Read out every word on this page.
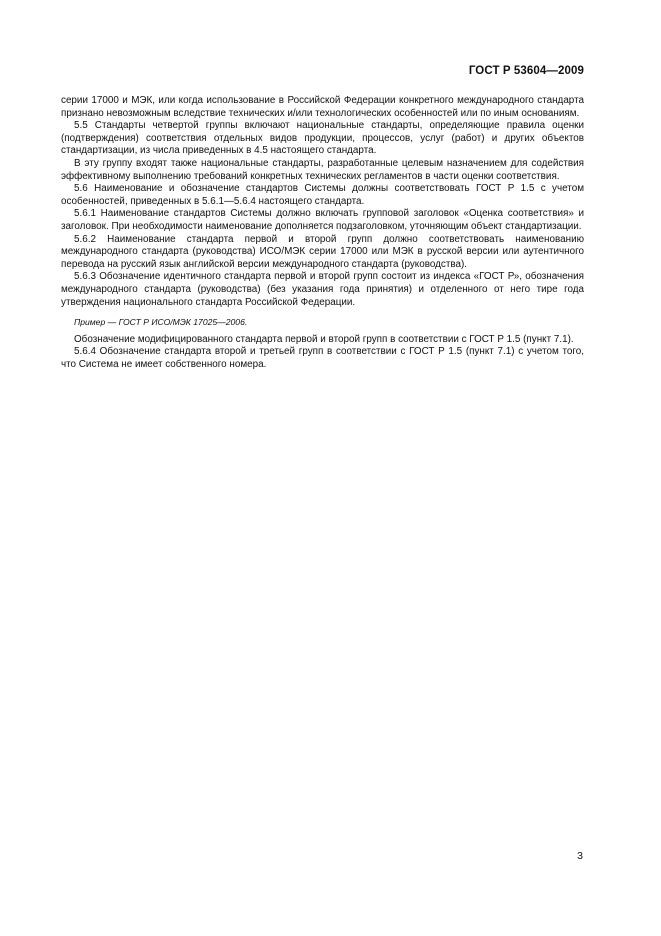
ГОСТ Р 53604—2009

серии 17000 и МЭК, или когда использование в Российской Федерации конкретного международного стандарта признано невозможным вследствие технических и/или технологических особенностей или по иным основаниям.

5.5 Стандарты четвертой группы включают национальные стандарты, определяющие правила оценки (подтверждения) соответствия отдельных видов продукции, процессов, услуг (работ) и других объектов стандартизации, из числа приведенных в 4.5 настоящего стандарта.

В эту группу входят также национальные стандарты, разработанные целевым назначением для содействия эффективному выполнению требований конкретных технических регламентов в части оценки соответствия.

5.6 Наименование и обозначение стандартов Системы должны соответствовать ГОСТ Р 1.5 с учетом особенностей, приведенных в 5.6.1—5.6.4 настоящего стандарта.

5.6.1 Наименование стандартов Системы должно включать групповой заголовок «Оценка соответствия» и заголовок. При необходимости наименование дополняется подзаголовком, уточняющим объект стандартизации.

5.6.2 Наименование стандарта первой и второй групп должно соответствовать наименованию международного стандарта (руководства) ИСО/МЭК серии 17000 или МЭК в русской версии или аутентичного перевода на русский язык английской версии международного стандарта (руководства).

5.6.3 Обозначение идентичного стандарта первой и второй групп состоит из индекса «ГОСТ Р», обозначения международного стандарта (руководства) (без указания года принятия) и отделенного от него тире года утверждения национального стандарта Российской Федерации.

Пример — ГОСТ Р ИСО/МЭК 17025—2006.

Обозначение модифицированного стандарта первой и второй групп в соответствии с ГОСТ Р 1.5 (пункт 7.1).

5.6.4 Обозначение стандарта второй и третьей групп в соответствии с ГОСТ Р 1.5 (пункт 7.1) с учетом того, что Система не имеет собственного номера.

3
